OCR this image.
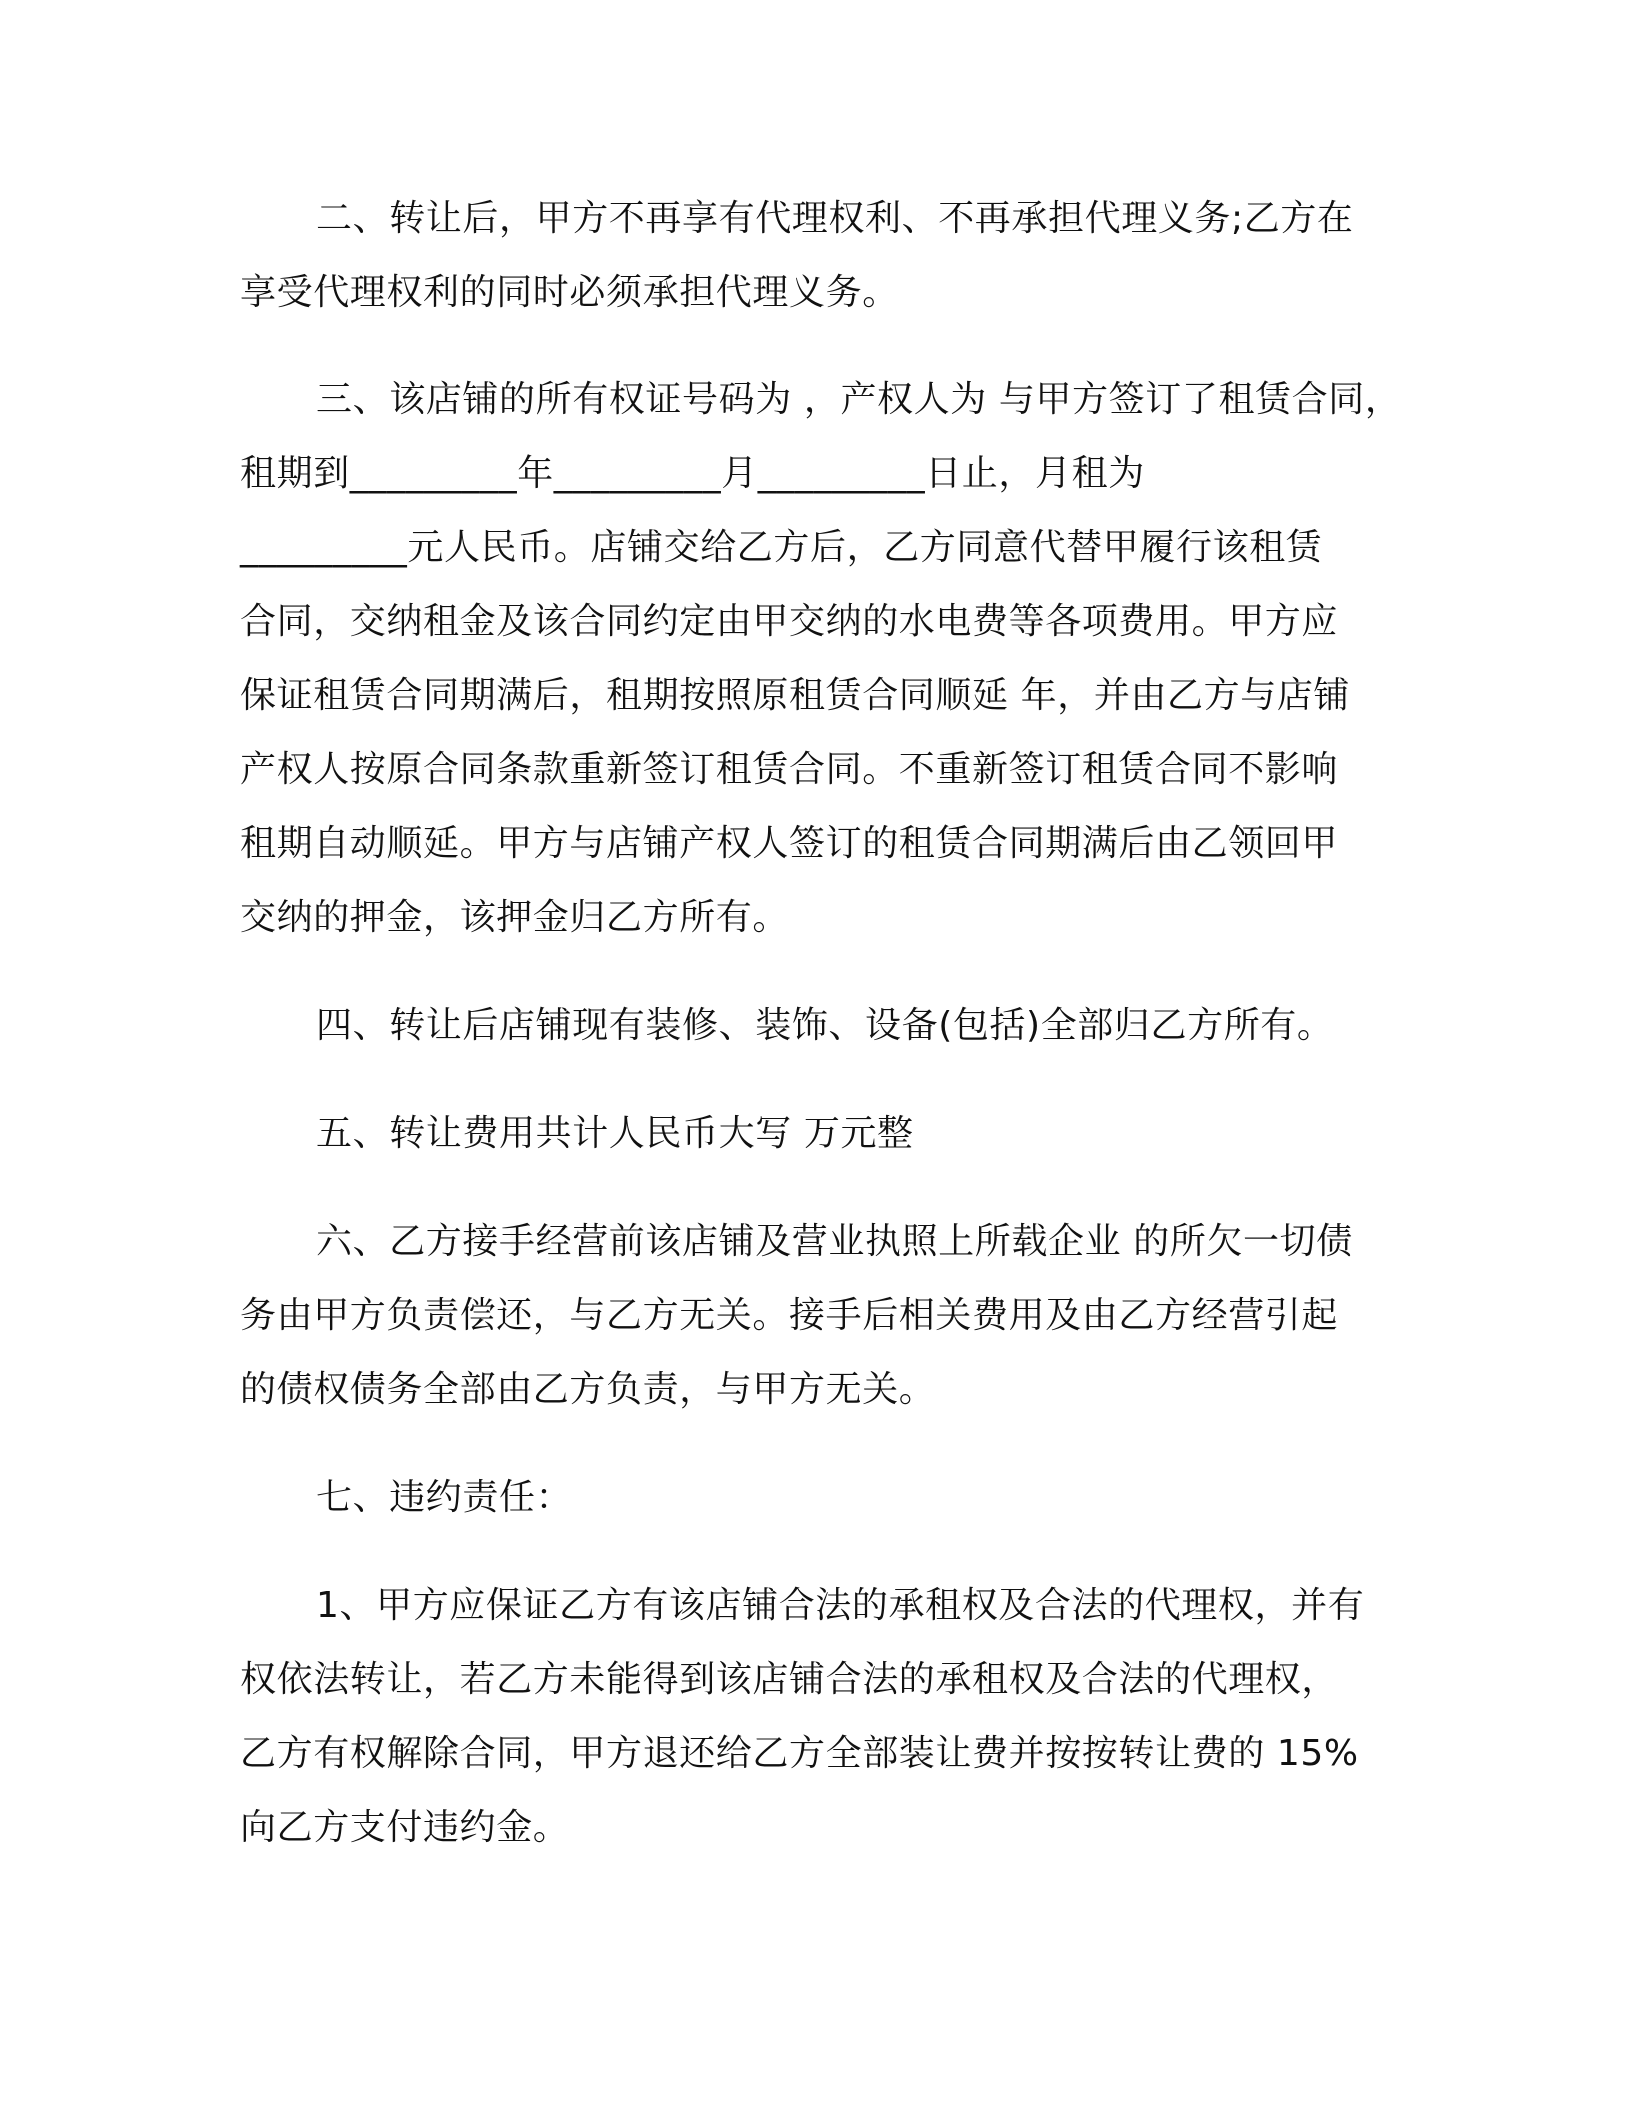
二、转让后，甲方不再享有代理权利、不再承担代理义务;乙方在
享受代理权利的同时必须承担代理义务。
三、该店铺的所有权证号码为 ，产权人为 与甲方签订了租赁合同，
租期到_________年_________月_________日止，月租为
_________元人民币。店铺交给乙方后，乙方同意代替甲履行该租赁
合同，交纳租金及该合同约定由甲交纳的水电费等各项费用。甲方应
保证租赁合同期满后，租期按照原租赁合同顺延 年，并由乙方与店铺
产权人按原合同条款重新签订租赁合同。不重新签订租赁合同不影响
租期自动顺延。甲方与店铺产权人签订的租赁合同期满后由乙领回甲
交纳的押金，该押金归乙方所有。
四、转让后店铺现有装修、装饰、设备(包括)全部归乙方所有。
五、转让费用共计人民币大写 万元整
六、乙方接手经营前该店铺及营业执照上所载企业 的所欠一切债
务由甲方负责偿还，与乙方无关。接手后相关费用及由乙方经营引起
的债权债务全部由乙方负责，与甲方无关。
七、违约责任：
1、甲方应保证乙方有该店铺合法的承租权及合法的代理权，并有
权依法转让，若乙方未能得到该店铺合法的承租权及合法的代理权，
乙方有权解除合同，甲方退还给乙方全部装让费并按按转让费的 15%
向乙方支付违约金。
